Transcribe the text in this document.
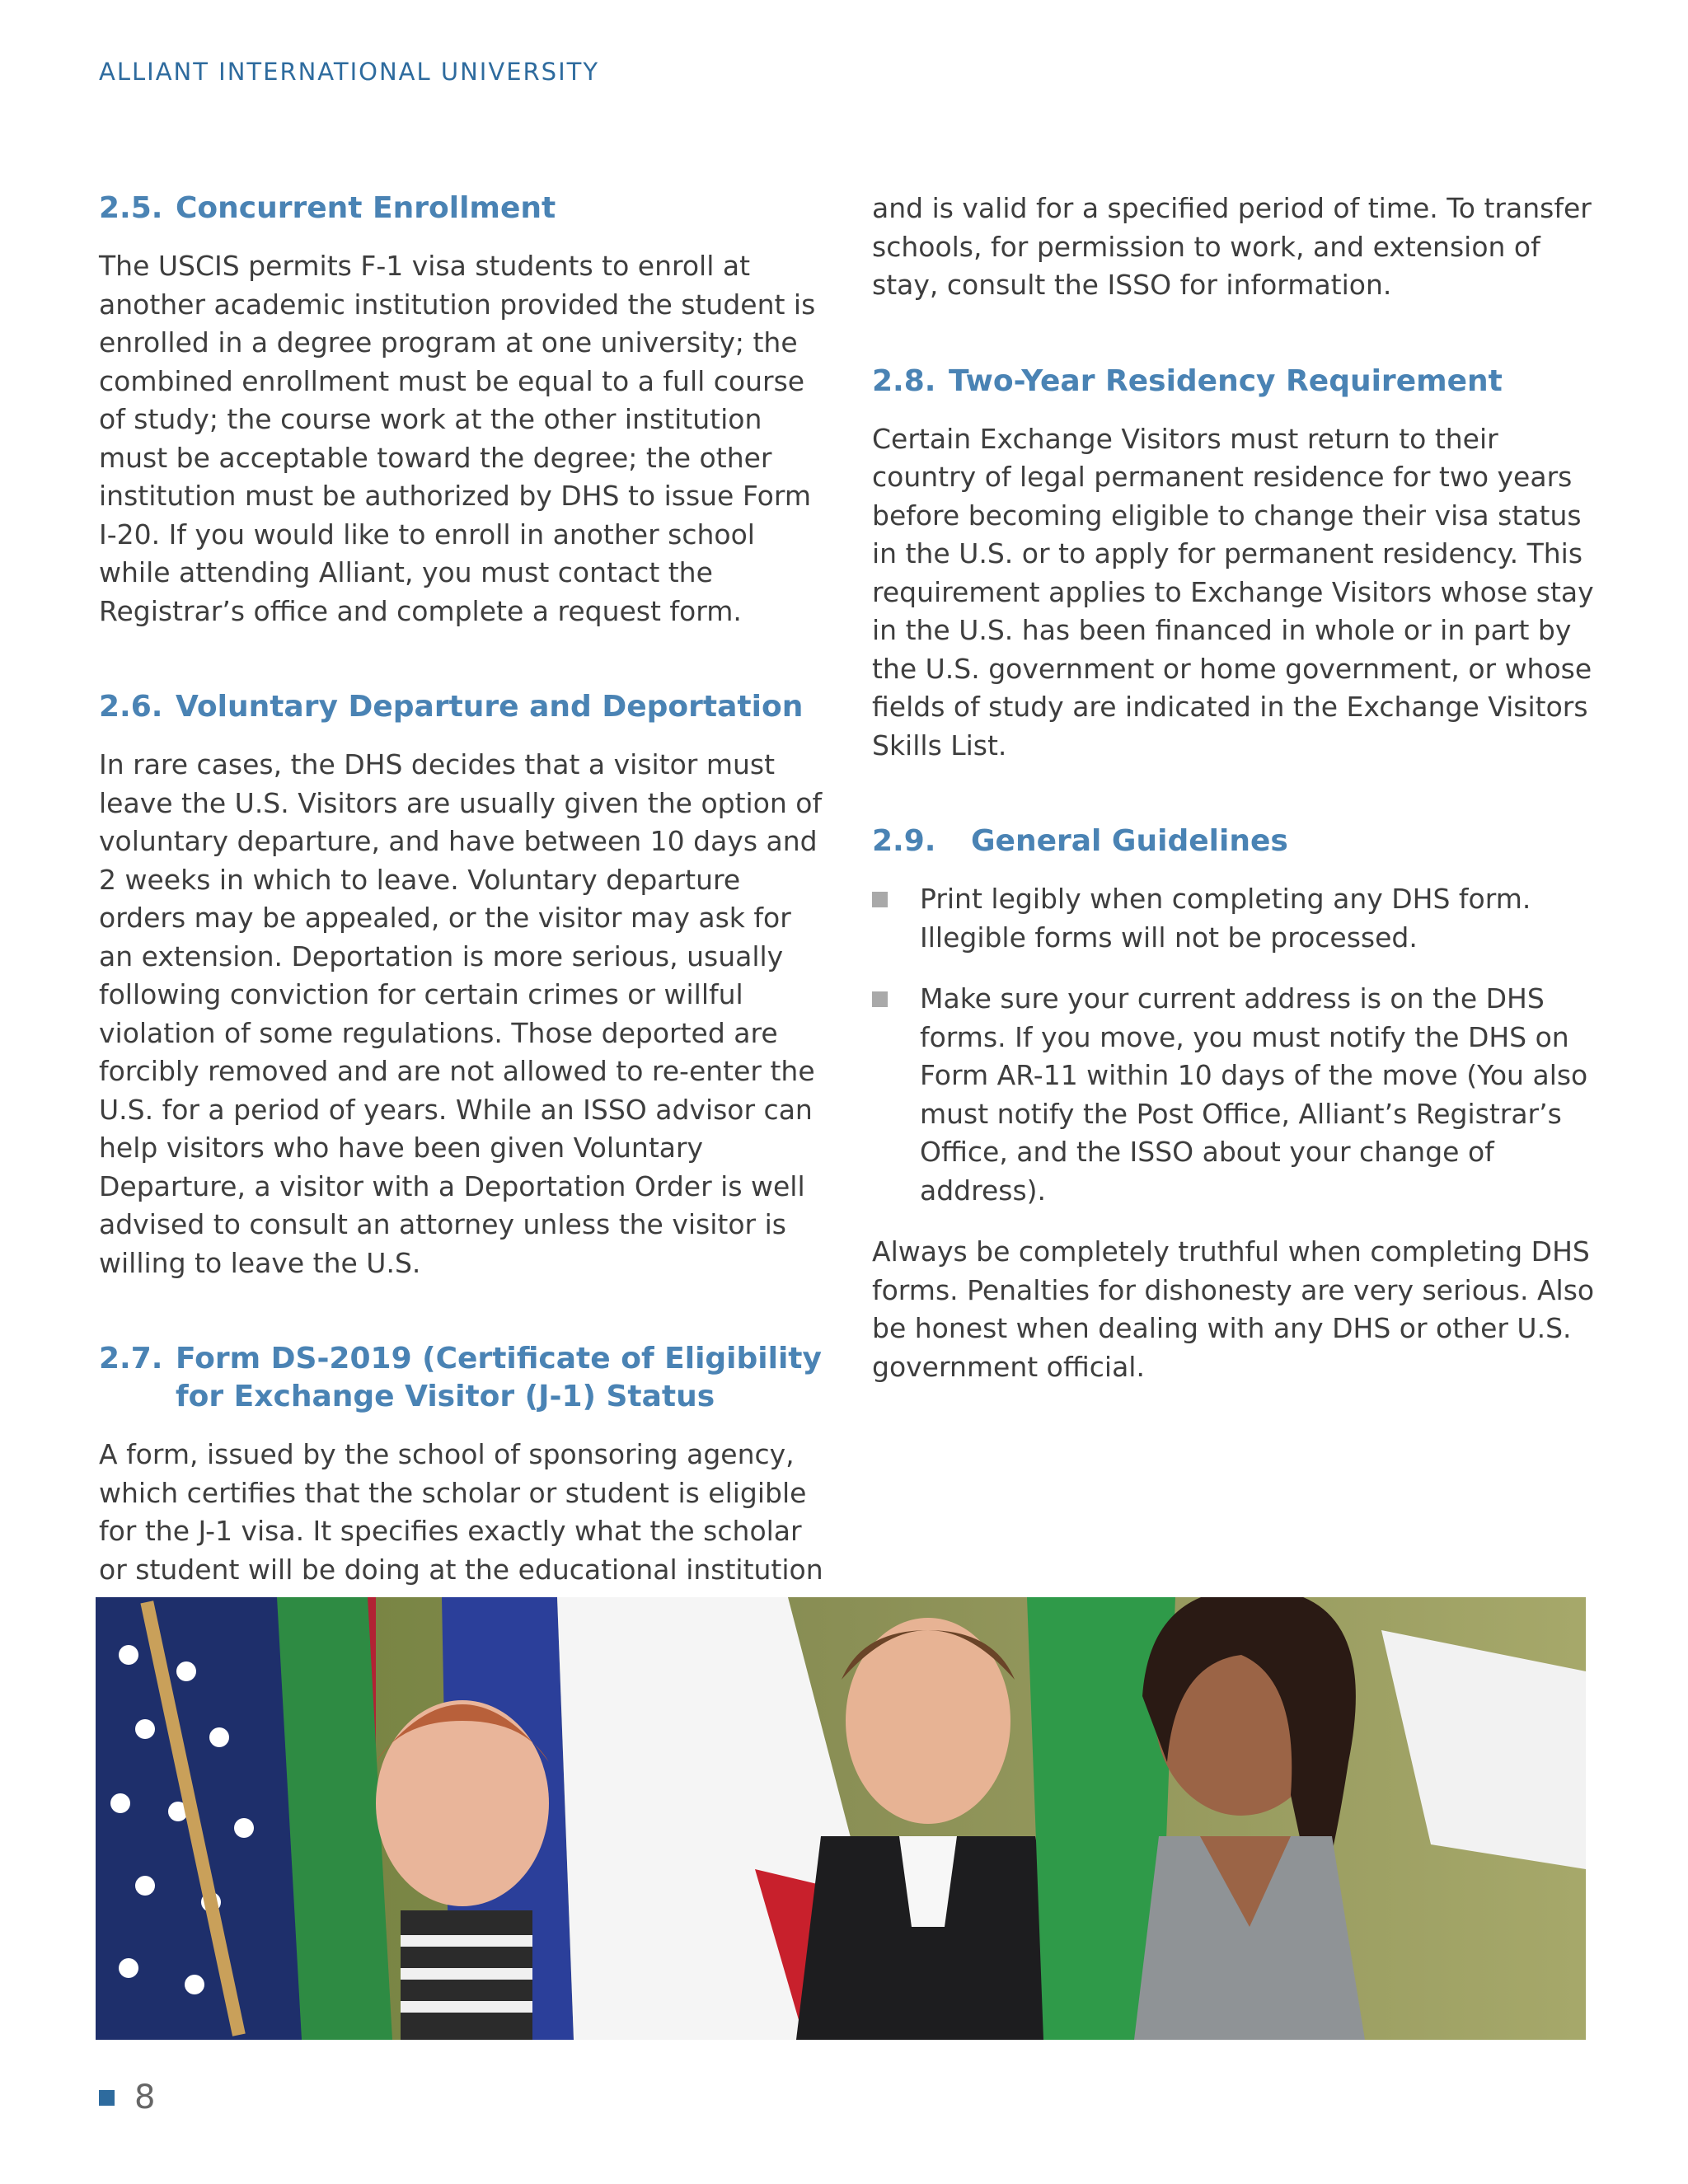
ALLIANT INTERNATIONAL UNIVERSITY
2.5. Concurrent Enrollment

The USCIS permits F-1 visa students to enroll at another academic institution provided the student is enrolled in a degree program at one university; the combined enrollment must be equal to a full course of study; the course work at the other institution must be acceptable toward the degree; the other institution must be authorized by DHS to issue Form I-20. If you would like to enroll in another school while attending Alliant, you must contact the Registrar’s office and complete a request form.

2.6. Voluntary Departure and Deportation

In rare cases, the DHS decides that a visitor must leave the U.S. Visitors are usually given the option of voluntary departure, and have between 10 days and 2 weeks in which to leave. Voluntary departure orders may be appealed, or the visitor may ask for an extension. Deportation is more serious, usually following conviction for certain crimes or willful violation of some regulations. Those deported are forcibly removed and are not allowed to re-enter the U.S. for a period of years. While an ISSO advisor can help visitors who have been given Voluntary Departure, a visitor with a Deportation Order is well advised to consult an attorney unless the visitor is willing to leave the U.S.

2.7. Form DS-2019 (Certificate of Eligibility for Exchange Visitor (J-1) Status

A form, issued by the school of sponsoring agency, which certifies that the scholar or student is eligible for the J-1 visa. It specifies exactly what the scholar or student will be doing at the educational institution

and is valid for a specified period of time. To transfer schools, for permission to work, and extension of stay, consult the ISSO for information.

2.8. Two-Year Residency Requirement

Certain Exchange Visitors must return to their country of legal permanent residence for two years before becoming eligible to change their visa status in the U.S. or to apply for permanent residency. This requirement applies to Exchange Visitors whose stay in the U.S. has been financed in whole or in part by the U.S. government or home government, or whose fields of study are indicated in the Exchange Visitors Skills List.

2.9.	General Guidelines
Print legibly when completing any DHS form. Illegible forms will not be processed.
Make sure your current address is on the DHS forms. If you move, you must notify the DHS on Form AR-11 within 10 days of the move (You also must notify the Post Office, Alliant’s Registrar’s Office, and the ISSO about your change of address).

Always be completely truthful when completing DHS forms. Penalties for dishonesty are very serious. Also be honest when dealing with any DHS or other U.S. government official.

8
